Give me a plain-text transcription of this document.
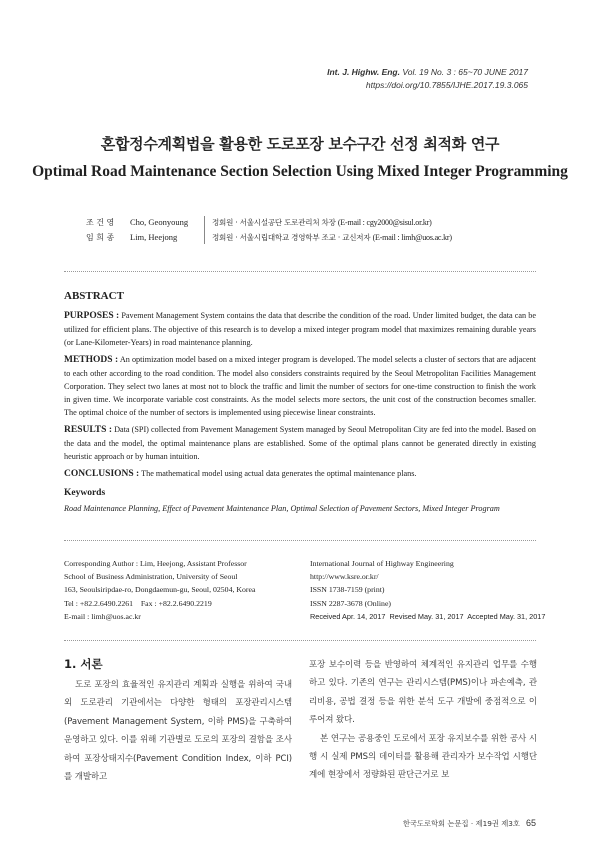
Int. J. Highw. Eng. Vol. 19 No. 3 : 65~70 JUNE 2017
https://doi.org/10.7855/IJHE.2017.19.3.065
혼합정수계획법을 활용한 도로포장 보수구간 선정 최적화 연구
Optimal Road Maintenance Section Selection Using Mixed Integer Programming
조 건 영	Cho, Geonyoung	정회원 · 서울시설공단 도로관리처 차장 (E-mail : cgy2000@sisul.or.kr)
임 희 종	Lim, Heejong	정회원 · 서울시립대학교 경영학부 조교 · 교신저자 (E-mail : limh@uos.ac.kr)
ABSTRACT

PURPOSES : Pavement Management System contains the data that describe the condition of the road. Under limited budget, the data can be utilized for efficient plans. The objective of this research is to develop a mixed integer program model that maximizes remaining durable years (or Lane-Kilometer-Years) in road maintenance planning.

METHODS : An optimization model based on a mixed integer program is developed. The model selects a cluster of sectors that are adjacent to each other according to the road condition. The model also considers constraints required by the Seoul Metropolitan Facilities Management Corporation. They select two lanes at most not to block the traffic and limit the number of sectors for one-time construction to finish the work in given time. We incorporate variable cost constraints. As the model selects more sectors, the unit cost of the construction becomes smaller. The optimal choice of the number of sectors is implemented using piecewise linear constraints.

RESULTS : Data (SPI) collected from Pavement Management System managed by Seoul Metropolitan City are fed into the model. Based on the data and the model, the optimal maintenance plans are established. Some of the optimal plans cannot be generated directly in existing heuristic approach or by human intuition.

CONCLUSIONS : The mathematical model using actual data generates the optimal maintenance plans.

Keywords

Road Maintenance Planning, Effect of Pavement Maintenance Plan, Optimal Selection of Pavement Sectors, Mixed Integer Program

Corresponding Author : Lim, Heejong, Assistant Professor
School of Business Administration, University of Seoul
163, Seoulsiripdae-ro, Dongdaemun-gu, Seoul, 02504, Korea
Tel : +82.2.6490.2261    Fax : +82.2.6490.2219
E-mail : limh@uos.ac.kr
International Journal of Highway Engineering
http://www.ksre.or.kr/
ISSN 1738-7159 (print)
ISSN 2287-3678 (Online)
Received Apr. 14, 2017  Revised May. 31, 2017  Accepted May. 31, 2017
1. 서론

도로 포장의 효율적인 유지관리 계획과 실행을 위하여 국내외 도로관리 기관에서는 다양한 형태의 포장관리시스템(Pavement Management System, 이하 PMS)을 구축하여 운영하고 있다. 이를 위해 기관별로 도로의 포장의 결함을 조사하여 포장상태지수(Pavement Condition Index, 이하 PCI)를 개발하고

포장 보수이력 등을 반영하여 체계적인 유지관리 업무를 수행하고 있다. 기존의 연구는 관리시스템(PMS)이나 파손예측, 관리비용, 공법 결정 등을 위한 분석 도구 개발에 중점적으로 이루어져 왔다.

본 연구는 공용중인 도로에서 포장 유지보수를 위한 공사 시행 시 실제 PMS의 데이터를 활용해 관리자가 보수작업 시행단계에 현장에서 정량화된 판단근거로 보

한국도로학회 논문집 · 제19권 제3호 65
